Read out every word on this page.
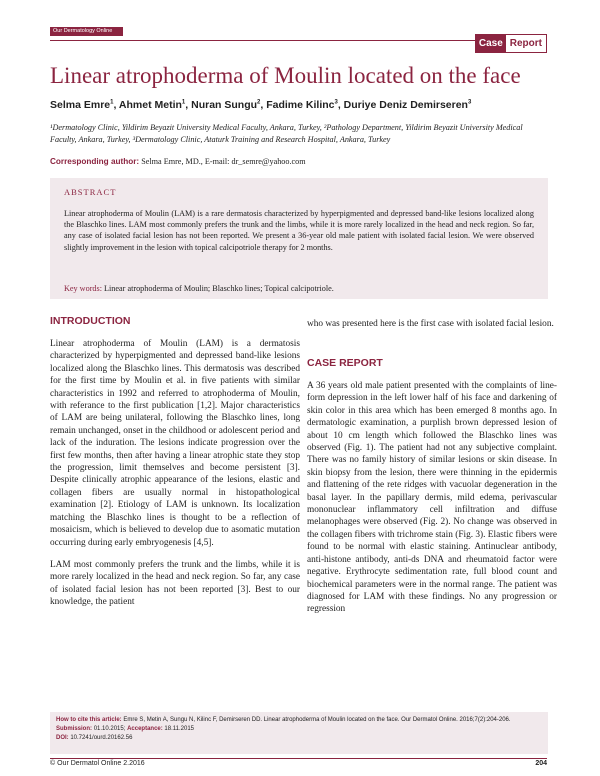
Our Dermatology Online
Case Report
Linear atrophoderma of Moulin located on the face
Selma Emre$^1$, Ahmet Metin$^1$, Nuran Sungu$^2$, Fadime Kilinc$^3$, Duriye Deniz Demirseren$^3$
¹Dermatology Clinic, Yildirim Beyazit University Medical Faculty, Ankara, Turkey, ²Pathology Department, Yildirim Beyazit University Medical Faculty, Ankara, Turkey, ³Dermatology Clinic, Ataturk Training and Research Hospital, Ankara, Turkey
Corresponding author: Selma Emre, MD., E-mail: dr_semre@yahoo.com
ABSTRACT
Linear atrophoderma of Moulin (LAM) is a rare dermatosis characterized by hyperpigmented and depressed band-like lesions localized along the Blaschko lines. LAM most commonly prefers the trunk and the limbs, while it is more rarely localized in the head and neck region. So far, any case of isolated facial lesion has not been reported. We present a 36-year old male patient with isolated facial lesion. We were observed slightly improvement in the lesion with topical calcipotriole therapy for 2 months.
Key words: Linear atrophoderma of Moulin; Blaschko lines; Topical calcipotriole.
INTRODUCTION

Linear atrophoderma of Moulin (LAM) is a dermatosis characterized by hyperpigmented and depressed band-like lesions localized along the Blaschko lines. This dermatosis was described for the first time by Moulin et al. in five patients with similar characteristics in 1992 and referred to atrophoderma of Moulin, with referance to the first publication [1,2]. Major characteristics of LAM are being unilateral, following the Blaschko lines, long remain unchanged, onset in the childhood or adolescent period and lack of the induration. The lesions indicate progression over the first few months, then after having a linear atrophic state they stop the progression, limit themselves and become persistent [3]. Despite clinically atrophic appearance of the lesions, elastic and collagen fibers are usually normal in histopathological examination [2]. Etiology of LAM is unknown. Its localization matching the Blaschko lines is thought to be a reflection of mosaicism, which is believed to develop due to asomatic mutation occurring during early embryogenesis [4,5].

LAM most commonly prefers the trunk and the limbs, while it is more rarely localized in the head and neck region. So far, any case of isolated facial lesion has not been reported [3]. Best to our knowledge, the patient

who was presented here is the first case with isolated facial lesion.

CASE REPORT

A 36 years old male patient presented with the complaints of line-form depression in the left lower half of his face and darkening of skin color in this area which has been emerged 8 months ago. In dermatologic examination, a purplish brown depressed lesion of about 10 cm length which followed the Blaschko lines was observed (Fig. 1). The patient had not any subjective complaint. There was no family history of similar lesions or skin disease. In skin biopsy from the lesion, there were thinning in the epidermis and flattening of the rete ridges with vacuolar degeneration in the basal layer. In the papillary dermis, mild edema, perivascular mononuclear inflammatory cell infiltration and diffuse melanophages were observed (Fig. 2). No change was observed in the collagen fibers with trichrome stain (Fig. 3). Elastic fibers were found to be normal with elastic staining. Antinuclear antibody, anti-histone antibody, anti-ds DNA and rheumatoid factor were negative. Erythrocyte sedimentation rate, full blood count and biochemical parameters were in the normal range. The patient was diagnosed for LAM with these findings. No any progression or regression

How to cite this article: Emre S, Metin A, Sungu N, Kilinc F, Demirseren DD. Linear atrophoderma of Moulin located on the face. Our Dermatol Online. 2016;7(2):204-206.
Submission: 01.10.2015; Acceptance: 18.11.2015
DOI: 10.7241/ourd.20162.56
© Our Dermatol Online 2.2016	204
